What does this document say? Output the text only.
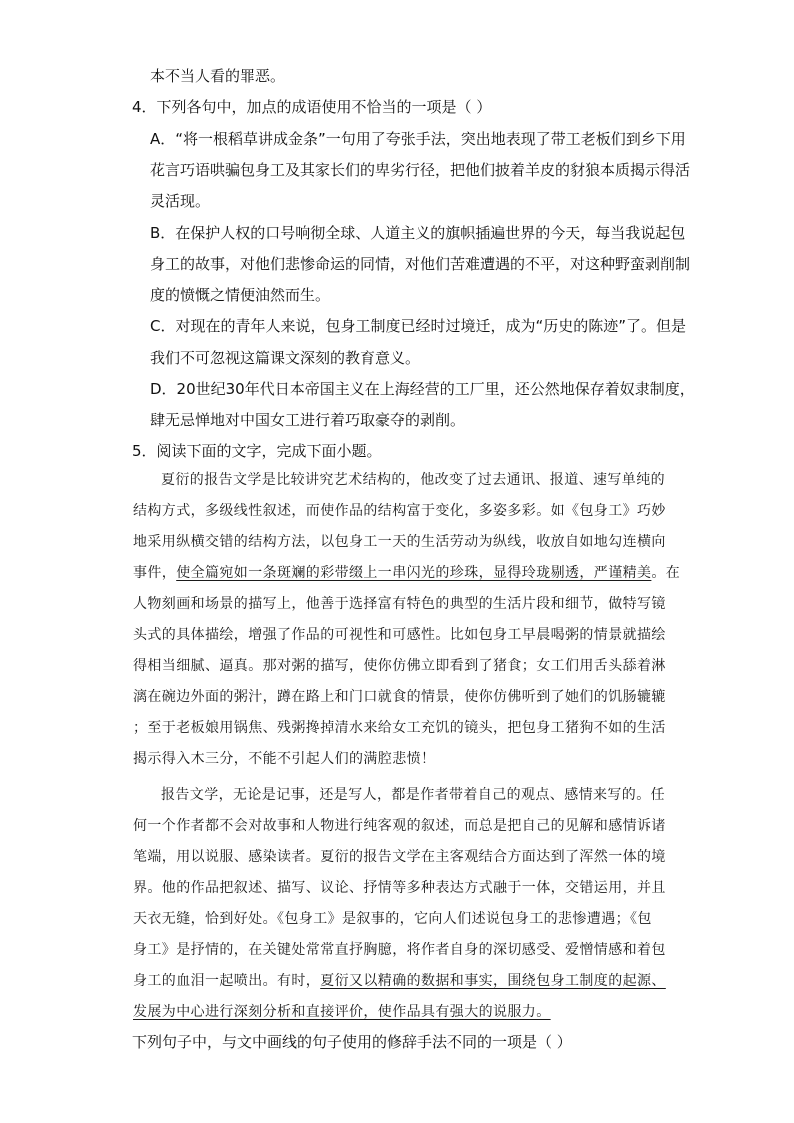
本不当人看的罪恶。
4．下列各句中，加点的成语使用不恰当的一项是（ ）
A．“将一根稻草讲成金条”一句用了夸张手法，突出地表现了带工老板们到乡下用
花言巧语哄骗包身工及其家长们的卑劣行径，把他们披着羊皮的豺狼本质揭示得活
灵活现。
B．在保护人权的口号响彻全球、人道主义的旗帜插遍世界的今天，每当我说起包
身工的故事，对他们悲惨命运的同情，对他们苦难遭遇的不平，对这种野蛮剥削制
度的愤慨之情便油然而生。
C．对现在的青年人来说，包身工制度已经时过境迁，成为“历史的陈迹”了。但是
我们不可忽视这篇课文深刻的教育意义。
D．20世纪30年代日本帝国主义在上海经营的工厂里，还公然地保存着奴隶制度，
肆无忌惮地对中国女工进行着巧取豪夺的剥削。
5．阅读下面的文字，完成下面小题。
夏衍的报告文学是比较讲究艺术结构的，他改变了过去通讯、报道、速写单纯的
结构方式，多级线性叙述，而使作品的结构富于变化，多姿多彩。如《包身工》巧妙
地采用纵横交错的结构方法，以包身工一天的生活劳动为纵线，收放自如地勾连横向
事件，使全篇宛如一条斑斓的彩带缀上一串闪光的珍珠，显得玲珑剔透，严谨精美。在
人物刻画和场景的描写上，他善于选择富有特色的典型的生活片段和细节，做特写镜
头式的具体描绘，增强了作品的可视性和可感性。比如包身工早晨喝粥的情景就描绘
得相当细腻、逼真。那对粥的描写，使你仿佛立即看到了猪食；女工们用舌头舔着淋
漓在碗边外面的粥汁，蹲在路上和门口就食的情景，使你仿佛听到了她们的饥肠辘辘
；至于老板娘用锅焦、残粥搀掉清水来给女工充饥的镜头，把包身工猪狗不如的生活
揭示得入木三分，不能不引起人们的满腔悲愤！
报告文学，无论是记事，还是写人，都是作者带着自己的观点、感情来写的。任
何一个作者都不会对故事和人物进行纯客观的叙述，而总是把自己的见解和感情诉诸
笔端，用以说服、感染读者。夏衍的报告文学在主客观结合方面达到了浑然一体的境
界。他的作品把叙述、描写、议论、抒情等多种表达方式融于一体，交错运用，并且
天衣无缝，恰到好处。《包身工》是叙事的，它向人们述说包身工的悲惨遭遇；《包
身工》是抒情的，在关键处常常直抒胸臆，将作者自身的深切感受、爱憎情感和着包
身工的血泪一起喷出。有时，夏衍又以精确的数据和事实，围绕包身工制度的起源、
发展为中心进行深刻分析和直接评价，使作品具有强大的说服力。
下列句子中，与文中画线的句子使用的修辞手法不同的一项是（ ）
